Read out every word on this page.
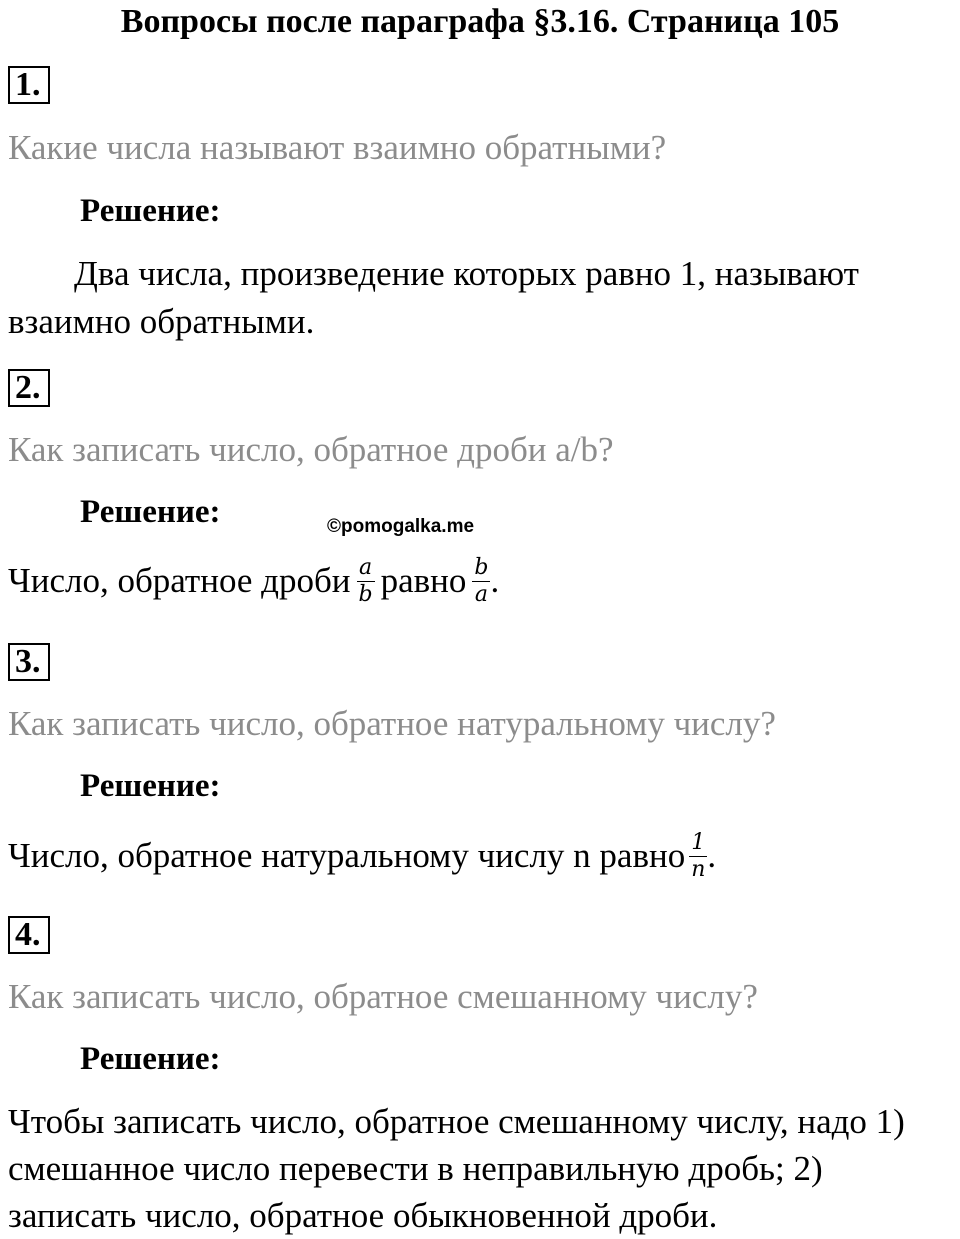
Вопросы после параграфа §3.16. Страница 105
1.
Какие числа называют взаимно обратными?
Решение:
Два числа, произведение которых равно 1, называют взаимно обратными.
2.
Как записать число, обратное дроби a/b?
Решение:	©pomogalka.me
Число, обратное дроби $\frac{a}{b}$ равно $\frac{b}{a}$ .
3.
Как записать число, обратное натуральному числу?
Решение:
Число, обратное натуральному числу n равно $\frac{1}{n}$ .
4.
Как записать число, обратное смешанному числу?
Решение:
Чтобы записать число, обратное смешанному числу, надо 1) смешанное число перевести в неправильную дробь; 2) записать число, обратное обыкновенной дроби.
